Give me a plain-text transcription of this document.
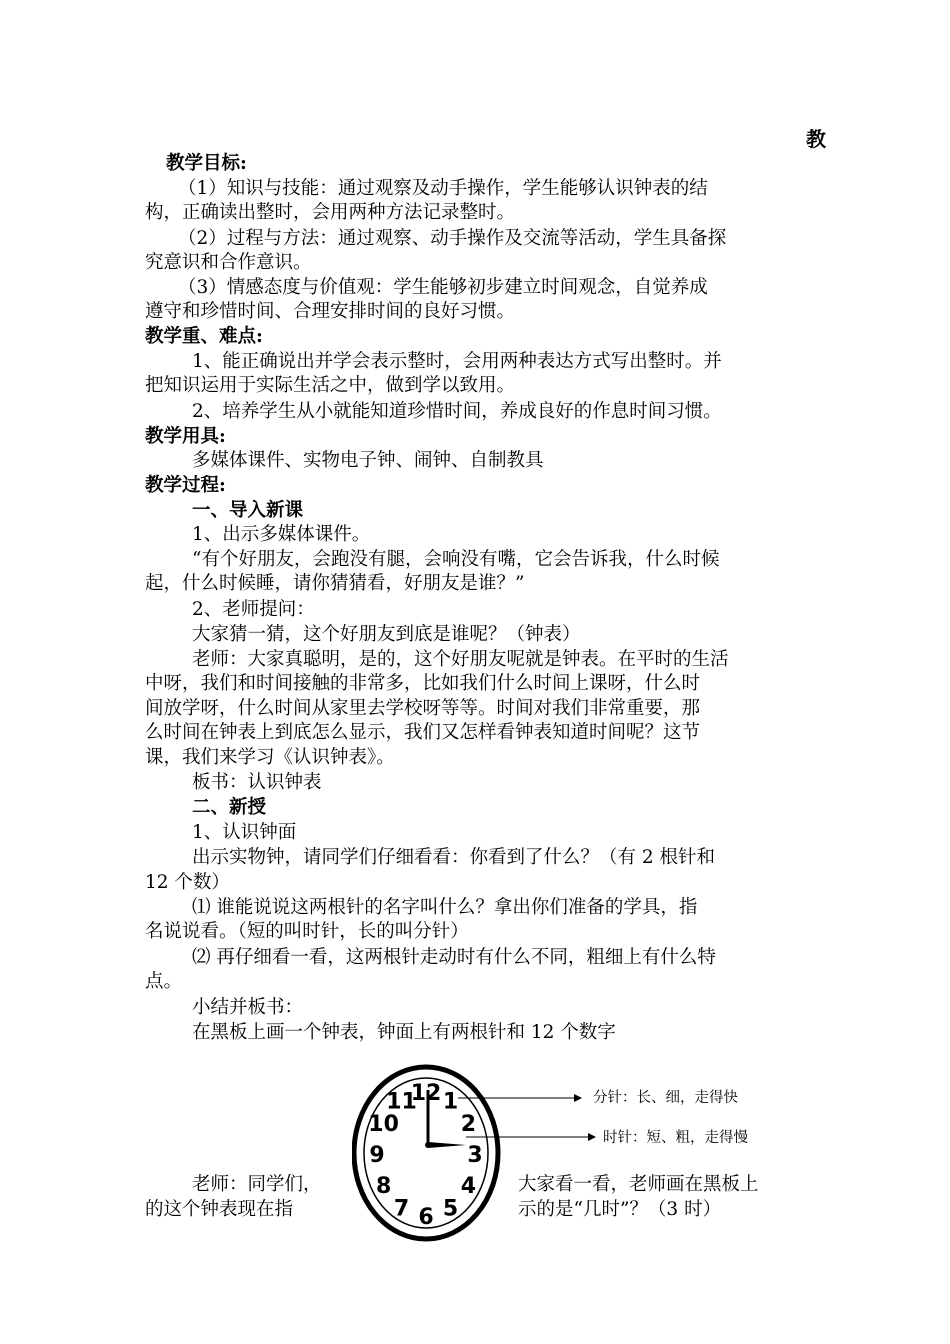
教
教学目标:
（1）知识与技能：通过观察及动手操作，学生能够认识钟表的结
构，正确读出整时，会用两种方法记录整时。
（2）过程与方法：通过观察、动手操作及交流等活动，学生具备探
究意识和合作意识。
（3）情感态度与价值观：学生能够初步建立时间观念，自觉养成
遵守和珍惜时间、合理安排时间的良好习惯。
教学重、难点:
1、能正确说出并学会表示整时，会用两种表达方式写出整时。并
把知识运用于实际生活之中，做到学以致用。
2、培养学生从小就能知道珍惜时间，养成良好的作息时间习惯。
教学用具:
多媒体课件、实物电子钟、闹钟、自制教具
教学过程:
一、导入新课
1、出示多媒体课件。
“有个好朋友，会跑没有腿，会响没有嘴，它会告诉我，什么时候
起，什么时候睡，请你猜猜看，好朋友是谁？”
2、老师提问：
大家猜一猜，这个好朋友到底是谁呢？（钟表）
老师：大家真聪明，是的，这个好朋友呢就是钟表。在平时的生活
中呀，我们和时间接触的非常多，比如我们什么时间上课呀，什么时
间放学呀，什么时间从家里去学校呀等等。时间对我们非常重要，那
么时间在钟表上到底怎么显示，我们又怎样看钟表知道时间呢？这节
课，我们来学习《认识钟表》。
板书：认识钟表
二、新授
1、认识钟面
出示实物钟，请同学们仔细看看：你看到了什么？（有 2 根针和
12 个数）
⑴ 谁能说说这两根针的名字叫什么？拿出你们准备的学具，指
名说说看。（短的叫时针，长的叫分针）
⑵ 再仔细看一看，这两根针走动时有什么不同，粗细上有什么特
点。
小结并板书：
在黑板上画一个钟表，钟面上有两根针和 12 个数字
12 1
2
3
4
5
6
7
8
9
10
11	分针：长、细，走得快
时针：短、粗，走得慢
老师：同学们，
的这个钟表现在指
大家看一看，老师画在黑板上
示的是“几时”？（3 时）
